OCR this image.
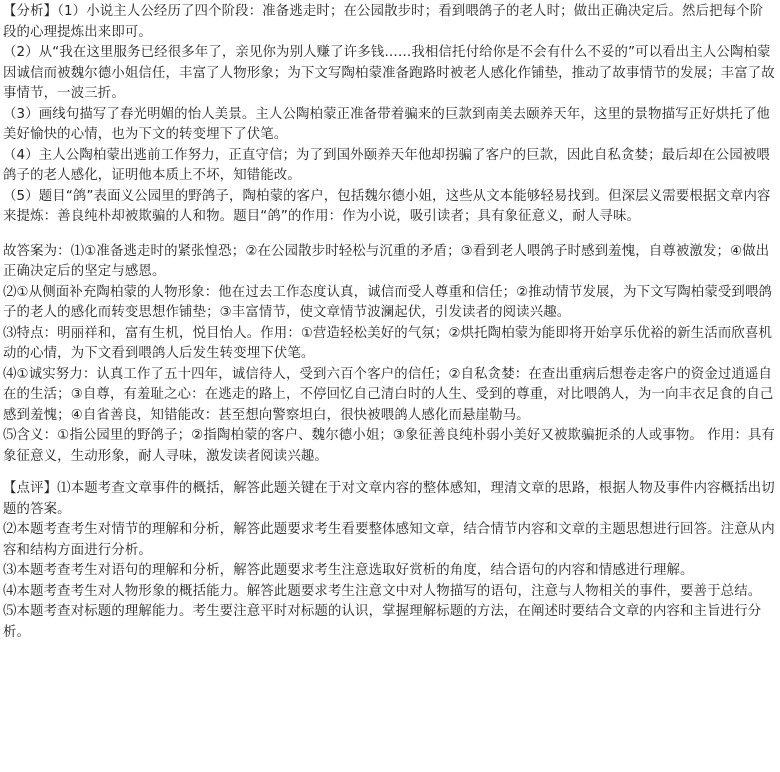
【分析】（1）小说主人公经历了四个阶段：准备逃走时；在公园散步时；看到喂鸽子的老人时；做出正确决定后。然后把每个阶段的心理提炼出来即可。

（2）从“我在这里服务已经很多年了，亲见你为别人赚了许多钱……我相信托付给你是不会有什么不妥的”可以看出主人公陶柏蒙因诚信而被魏尔德小姐信任，丰富了人物形象；为下文写陶柏蒙准备跑路时被老人感化作铺垫，推动了故事情节的发展；丰富了故事情节，一波三折。

（3）画线句描写了春光明媚的怡人美景。主人公陶柏蒙正准备带着骗来的巨款到南美去颐养天年，这里的景物描写正好烘托了他美好愉快的心情，也为下文的转变埋下了伏笔。

（4）主人公陶柏蒙出逃前工作努力，正直守信；为了到国外颐养天年他却拐骗了客户的巨款，因此自私贪婪；最后却在公园被喂鸽子的老人感化，证明他本质上不坏，知错能改。

（5）题目“鸽”表面义公园里的野鸽子，陶柏蒙的客户，包括魏尔德小姐，这些从文本能够轻易找到。但深层义需要根据文章内容来提炼：善良纯朴却被欺骗的人和物。题目“鸽”的作用：作为小说，吸引读者；具有象征意义，耐人寻味。

故答案为：⑴①准备逃走时的紧张惶恐；②在公园散步时轻松与沉重的矛盾；③看到老人喂鸽子时感到羞愧，自尊被激发；④做出正确决定后的坚定与感恩。

⑵①从侧面补充陶柏蒙的人物形象：他在过去工作态度认真，诚信而受人尊重和信任；②推动情节发展，为下文写陶柏蒙受到喂鸽子的老人的感化而转变思想作铺垫；③丰富情节，使文章情节波澜起伏，引发读者的阅读兴趣。

⑶特点：明丽祥和，富有生机，悦目怡人。作用：①营造轻松美好的气氛；②烘托陶柏蒙为能即将开始享乐优裕的新生活而欣喜机动的心情，为下文看到喂鸽人后发生转变埋下伏笔。

⑷①诚实努力：认真工作了五十四年，诚信待人，受到六百个客户的信任；②自私贪婪：在查出重病后想卷走客户的资金过逍遥自在的生活；③自尊，有羞耻之心：在逃走的路上，不停回忆自己清白时的人生、受到的尊重，对比喂鸽人，为一向丰衣足食的自己感到羞愧；④自省善良，知错能改：甚至想向警察坦白，很快被喂鸽人感化而悬崖勒马。

⑸含义：①指公园里的野鸽子；②指陶柏蒙的客户、魏尔德小姐；③象征善良纯朴弱小美好又被欺骗扼杀的人或事物。 作用：具有象征意义，生动形象，耐人寻味，激发读者阅读兴趣。

【点评】⑴本题考查文章事件的概括，解答此题关键在于对文章内容的整体感知，理清文章的思路，根据人物及事件内容概括出切题的答案。

⑵本题考查考生对情节的理解和分析，解答此题要求考生看要整体感知文章，结合情节内容和文章的主题思想进行回答。注意从内容和结构方面进行分析。

⑶本题考查考生对语句的理解和分析，解答此题要求考生注意选取好赏析的角度，结合语句的内容和情感进行理解。

⑷本题考查考生对人物形象的概括能力。解答此题要求考生注意文中对人物描写的语句，注意与人物相关的事件，要善于总结。

⑸本题考查对标题的理解能力。考生要注意平时对标题的认识，掌握理解标题的方法，在阐述时要结合文章的内容和主旨进行分析。
